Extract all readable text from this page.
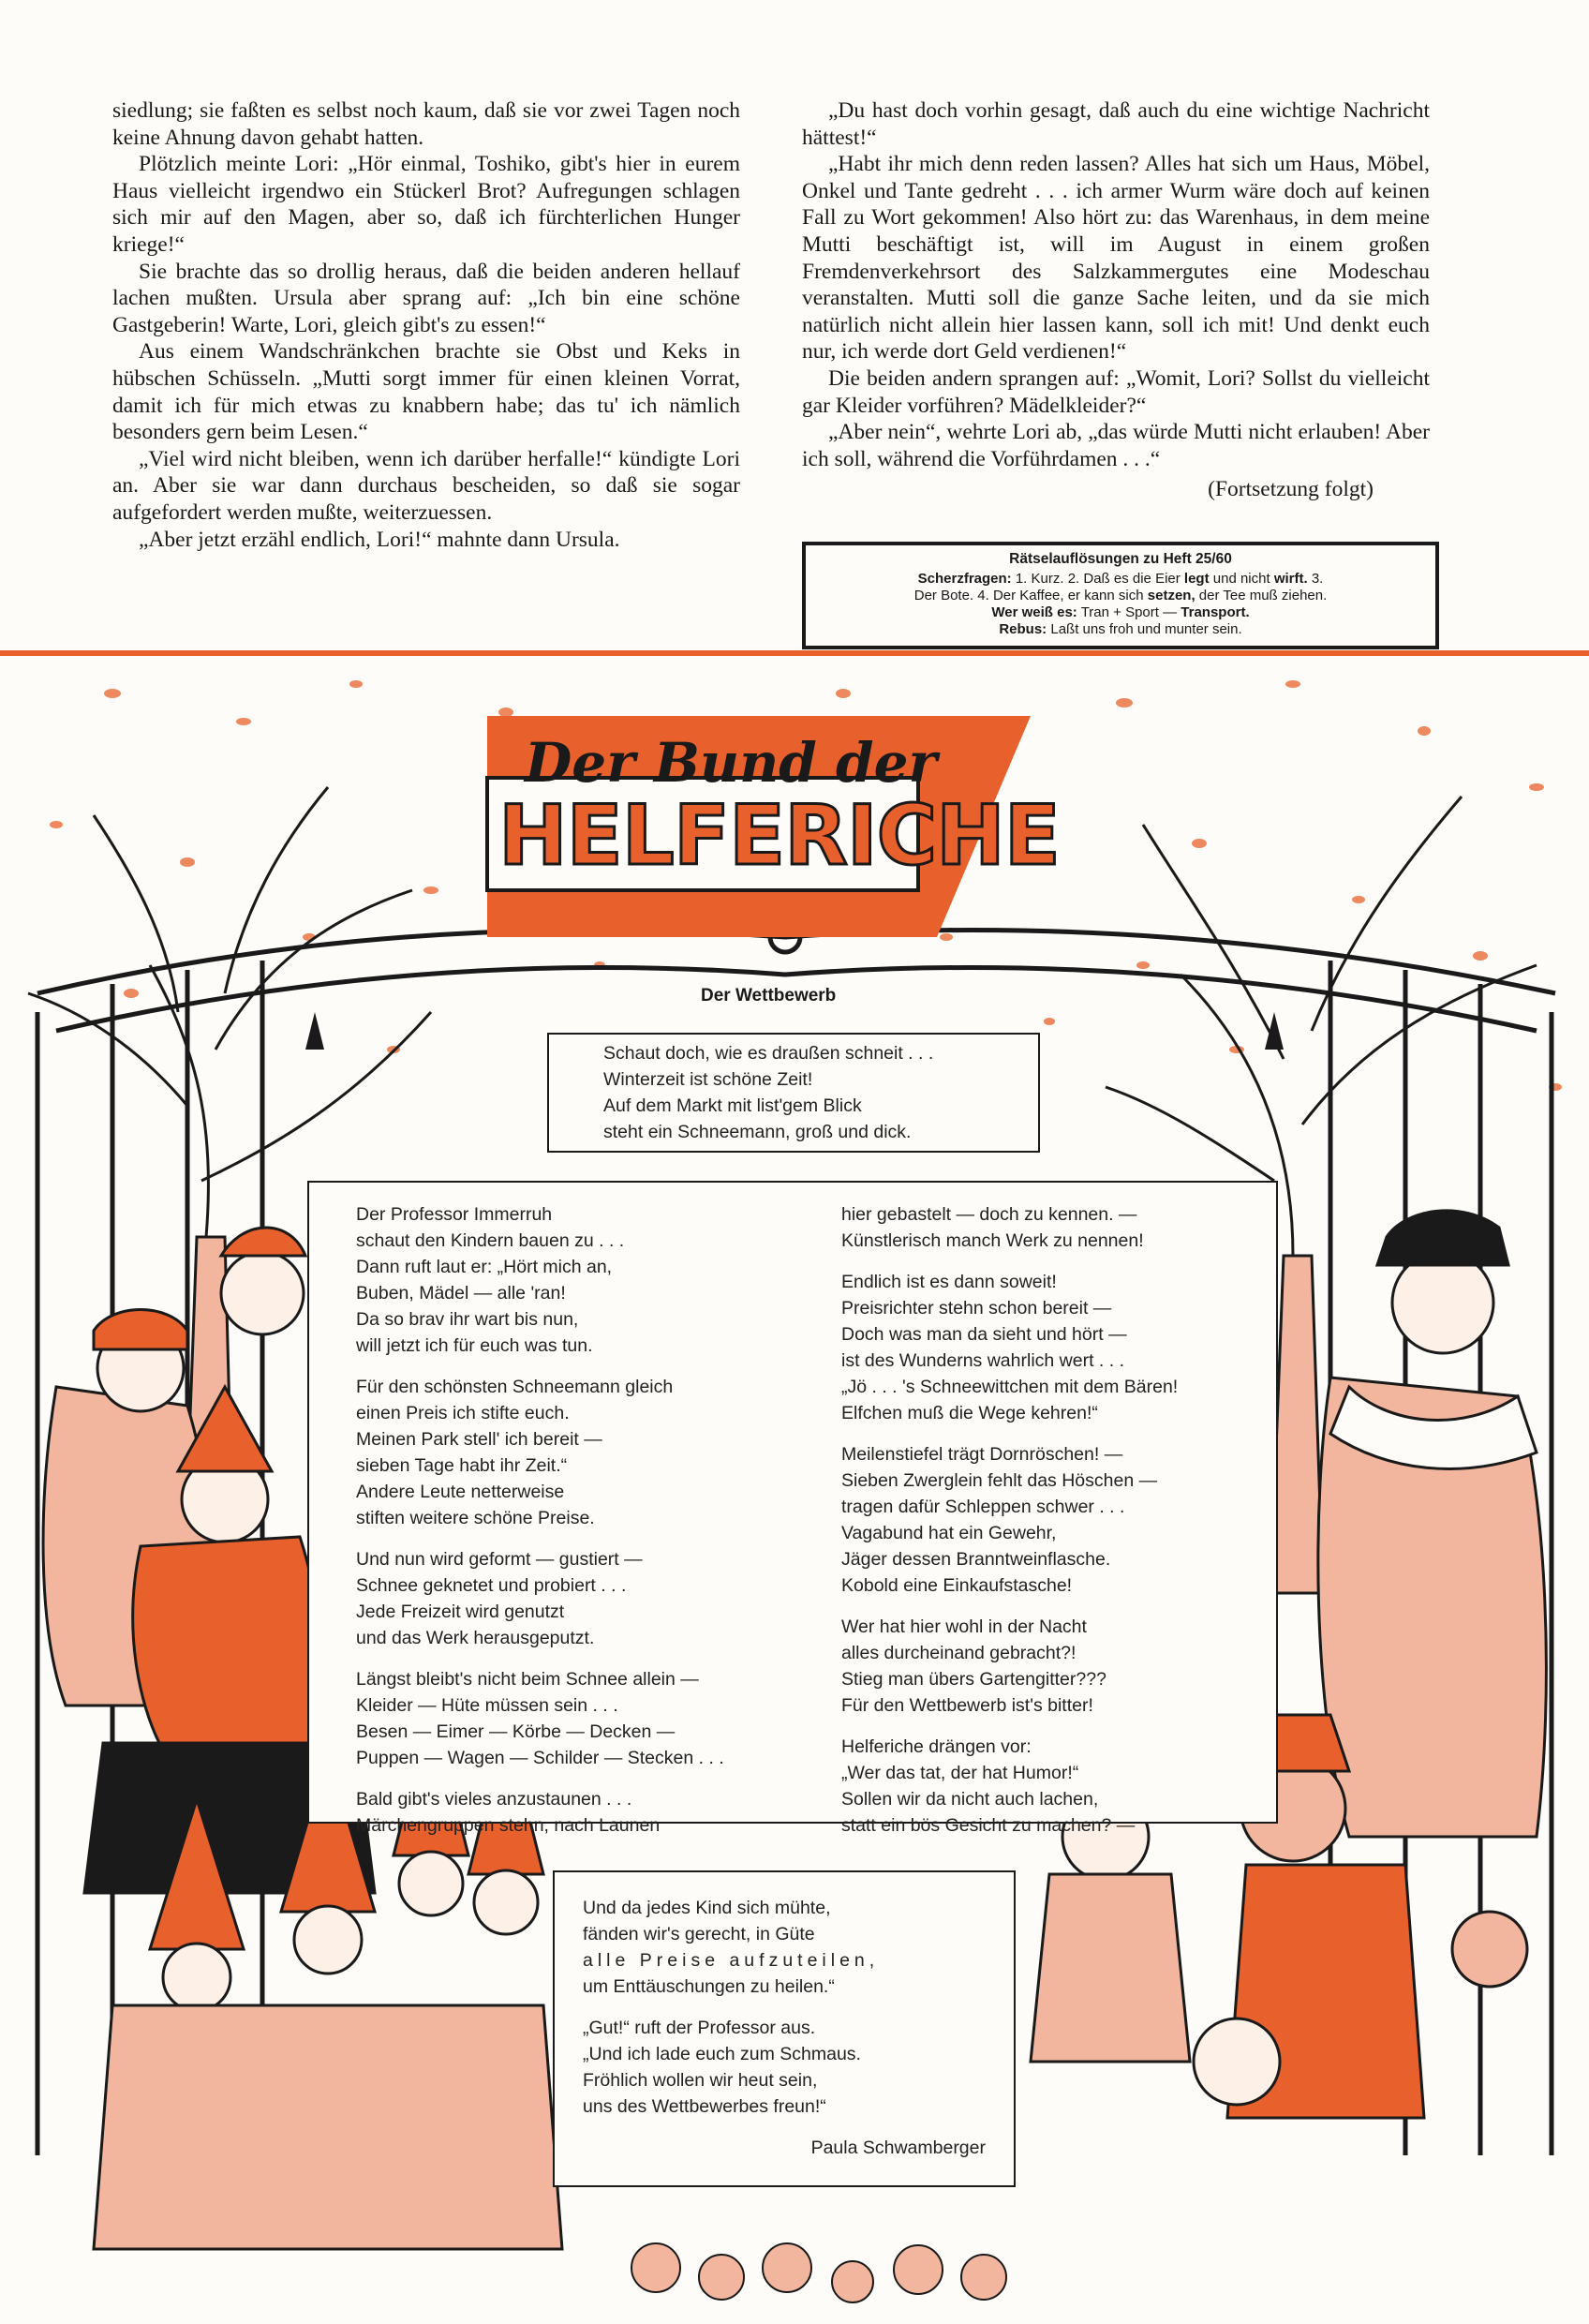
siedlung; sie faßten es selbst noch kaum, daß sie vor zwei Tagen noch keine Ahnung davon gehabt hatten.

Plötzlich meinte Lori: „Hör einmal, Toshiko, gibt's hier in eurem Haus vielleicht irgendwo ein Stückerl Brot? Aufregungen schlagen sich mir auf den Magen, aber so, daß ich fürchterlichen Hunger kriege!“

Sie brachte das so drollig heraus, daß die beiden anderen hellauf lachen mußten. Ursula aber sprang auf: „Ich bin eine schöne Gastgeberin! Warte, Lori, gleich gibt's zu essen!“

Aus einem Wandschränkchen brachte sie Obst und Keks in hübschen Schüsseln. „Mutti sorgt immer für einen kleinen Vorrat, damit ich für mich etwas zu knabbern habe; das tu' ich nämlich besonders gern beim Lesen.“

„Viel wird nicht bleiben, wenn ich darüber herfalle!“ kündigte Lori an. Aber sie war dann durchaus bescheiden, so daß sie sogar aufgefordert werden mußte, weiterzuessen.

„Aber jetzt erzähl endlich, Lori!“ mahnte dann Ursula.

„Du hast doch vorhin gesagt, daß auch du eine wichtige Nachricht hättest!“

„Habt ihr mich denn reden lassen? Alles hat sich um Haus, Möbel, Onkel und Tante gedreht . . . ich armer Wurm wäre doch auf keinen Fall zu Wort gekommen! Also hört zu: das Warenhaus, in dem meine Mutti beschäftigt ist, will im August in einem großen Fremdenverkehrsort des Salzkammergutes eine Modeschau veranstalten. Mutti soll die ganze Sache leiten, und da sie mich natürlich nicht allein hier lassen kann, soll ich mit! Und denkt euch nur, ich werde dort Geld verdienen!“

Die beiden andern sprangen auf: „Womit, Lori? Sollst du vielleicht gar Kleider vorführen? Mädelkleider?“

„Aber nein“, wehrte Lori ab, „das würde Mutti nicht erlauben! Aber ich soll, während die Vorführdamen . . .“

(Fortsetzung folgt)
Rätselauflösungen zu Heft 25/60
Scherzfragen: 1. Kurz. 2. Daß es die Eier legt und nicht wirft. 3.
Der Bote. 4. Der Kaffee, er kann sich setzen, der Tee muß ziehen.
Wer weiß es: Tran + Sport — Transport.
Rebus: Laßt uns froh und munter sein.
Der Bund der
HELFERICHE
Der Wettbewerb
Schaut doch, wie es draußen schneit . . .
Winterzeit ist schöne Zeit!
Auf dem Markt mit list'gem Blick
steht ein Schneemann, groß und dick.
Der Professor Immerruh
schaut den Kindern bauen zu . . .
Dann ruft laut er: „Hört mich an,
Buben, Mädel — alle 'ran!
Da so brav ihr wart bis nun,
will jetzt ich für euch was tun.
Für den schönsten Schneemann gleich
einen Preis ich stifte euch.
Meinen Park stell' ich bereit —
sieben Tage habt ihr Zeit.“
Andere Leute netterweise
stiften weitere schöne Preise.
Und nun wird geformt — gustiert —
Schnee geknetet und probiert . . .
Jede Freizeit wird genutzt
und das Werk herausgeputzt.
Längst bleibt's nicht beim Schnee allein —
Kleider — Hüte müssen sein . . .
Besen — Eimer — Körbe — Decken —
Puppen — Wagen — Schilder — Stecken . . .
Bald gibt's vieles anzustaunen . . .
Märchengruppen stehn, nach Launen
hier gebastelt — doch zu kennen. —
Künstlerisch manch Werk zu nennen!
Endlich ist es dann soweit!
Preisrichter stehn schon bereit —
Doch was man da sieht und hört —
ist des Wunderns wahrlich wert . . .
„Jö . . . 's Schneewittchen mit dem Bären!
Elfchen muß die Wege kehren!“
Meilenstiefel trägt Dornröschen! —
Sieben Zwerglein fehlt das Höschen —
tragen dafür Schleppen schwer . . .
Vagabund hat ein Gewehr,
Jäger dessen Branntweinflasche.
Kobold eine Einkaufstasche!
Wer hat hier wohl in der Nacht
alles durcheinand gebracht?!
Stieg man übers Gartengitter???
Für den Wettbewerb ist's bitter!
Helferiche drängen vor:
„Wer das tat, der hat Humor!“
Sollen wir da nicht auch lachen,
statt ein bös Gesicht zu machen? —
Und da jedes Kind sich mühte,
fänden wir's gerecht, in Güte
alle Preise aufzuteilen,
um Enttäuschungen zu heilen.“
„Gut!“ ruft der Professor aus.
„Und ich lade euch zum Schmaus.
Fröhlich wollen wir heut sein,
uns des Wettbewerbes freun!“
Paula Schwamberger
